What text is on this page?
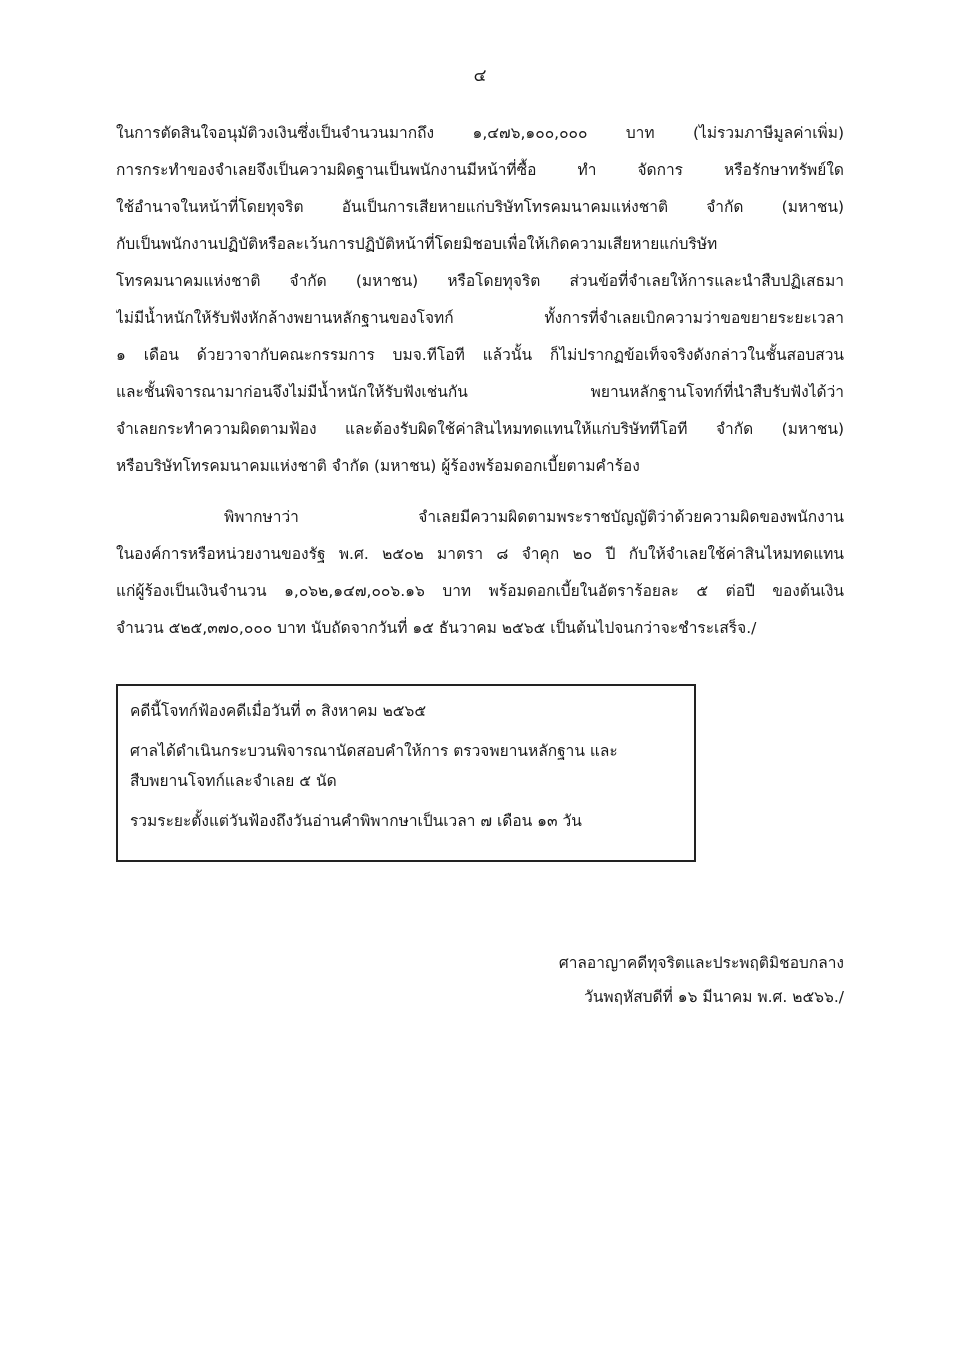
๔
ในการตัดสินใจอนุมัติวงเงินซึ่งเป็นจำนวนมากถึง ๑,๔๗๖,๑๐๐,๐๐๐ บาท (ไม่รวมภาษีมูลค่าเพิ่ม)
การกระทำของจำเลยจึงเป็นความผิดฐานเป็นพนักงานมีหน้าที่ซื้อ ทำ จัดการ หรือรักษาทรัพย์ใด
ใช้อำนาจในหน้าที่โดยทุจริต อันเป็นการเสียหายแก่บริษัทโทรคมนาคมแห่งชาติ จำกัด (มหาชน)
กับเป็นพนักงานปฏิบัติหรือละเว้นการปฏิบัติหน้าที่โดยมิชอบเพื่อให้เกิดความเสียหายแก่บริษัท
โทรคมนาคมแห่งชาติ จำกัด (มหาชน) หรือโดยทุจริต ส่วนข้อที่จำเลยให้การและนำสืบปฏิเสธมา
ไม่มีน้ำหนักให้รับฟังหักล้างพยานหลักฐานของโจทก์ ทั้งการที่จำเลยเบิกความว่าขอขยายระยะเวลา
๑ เดือน ด้วยวาจากับคณะกรรมการ บมจ.ทีโอที แล้วนั้น ก็ไม่ปรากฏข้อเท็จจริงดังกล่าวในชั้นสอบสวน
และชั้นพิจารณามาก่อนจึงไม่มีน้ำหนักให้รับฟังเช่นกัน พยานหลักฐานโจทก์ที่นำสืบรับฟังได้ว่า
จำเลยกระทำความผิดตามฟ้อง และต้องรับผิดใช้ค่าสินไหมทดแทนให้แก่บริษัททีโอที จำกัด (มหาชน)
หรือบริษัทโทรคมนาคมแห่งชาติ จำกัด (มหาชน) ผู้ร้องพร้อมดอกเบี้ยตามคำร้อง
พิพากษาว่า จำเลยมีความผิดตามพระราชบัญญัติว่าด้วยความผิดของพนักงาน
ในองค์การหรือหน่วยงานของรัฐ พ.ศ. ๒๕๐๒ มาตรา ๘ จำคุก ๒๐ ปี กับให้จำเลยใช้ค่าสินไหมทดแทน
แก่ผู้ร้องเป็นเงินจำนวน ๑,๐๖๒,๑๔๗,๐๐๖.๑๖ บาท พร้อมดอกเบี้ยในอัตราร้อยละ ๕ ต่อปี ของต้นเงิน
จำนวน ๕๒๕,๓๗๐,๐๐๐ บาท นับถัดจากวันที่ ๑๕ ธันวาคม ๒๕๖๕ เป็นต้นไปจนกว่าจะชำระเสร็จ./
คดีนี้โจทก์ฟ้องคดีเมื่อวันที่ ๓ สิงหาคม ๒๕๖๕
ศาลได้ดำเนินกระบวนพิจารณานัดสอบคำให้การ ตรวจพยานหลักฐาน และ
สืบพยานโจทก์และจำเลย ๕ นัด
รวมระยะตั้งแต่วันฟ้องถึงวันอ่านคำพิพากษาเป็นเวลา ๗ เดือน ๑๓ วัน
ศาลอาญาคดีทุจริตและประพฤติมิชอบกลาง
วันพฤหัสบดีที่ ๑๖ มีนาคม พ.ศ. ๒๕๖๖./
